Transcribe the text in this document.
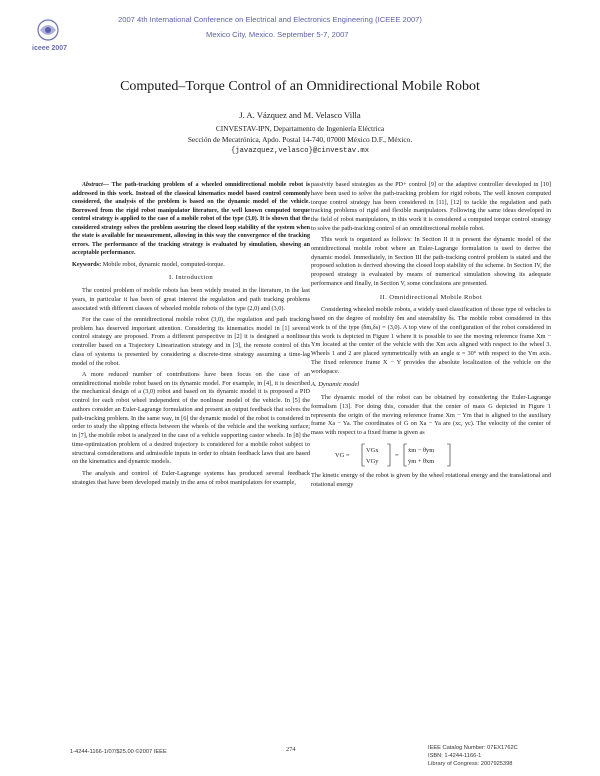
iceee 2007
2007 4th International Conference on Electrical and Electronics Engineering (ICEEE 2007)
Mexico City, Mexico. September 5-7, 2007
Computed–Torque Control of an Omnidirectional Mobile Robot
J. A. Vázquez and M. Velasco Villa
CINVESTAV-IPN, Departamento de Ingeniería Eléctrica
Sección de Mecatrónica, Apdo. Postal 14-740, 07000 México D.F., México.
{javazquez,velasco}@cinvestav.mx

Abstract— The path-tracking problem of a wheeled omnidirectional mobile robot is addressed in this work. Instead of the classical kinematics model based control commonly considered, the analysis of the problem is based on the dynamic model of the vehicle. Borrowed from the rigid robot manipulator literature, the well known computed torque control strategy is applied to the case of a mobile robot of the type (3,0). It is shown that the considered strategy solves the problem assuring the closed loop stability of the system when the state is available for measurement, allowing in this way the convergence of the tracking errors. The performance of the tracking strategy is evaluated by simulation, showing an acceptable performance.

Keywords: Mobile robot, dynamic model, computed-torque.

I. Introduction

The control problem of mobile robots has been widely treated in the literature, in the last years, in particular it has been of great interest the regulation and path tracking problems associated with different classes of wheeled mobile robots of the type (2,0) and (3,0).

For the case of the omnidirectional mobile robot (3,0), the regulation and path tracking problem has deserved important attention. Considering its kinematics model in [1] several control strategy are proposed. From a different perspective in [2] it is designed a nonlinear controller based on a Trajectory Linearization strategy and in [3], the remote control of this class of systems is presented by considering a discrete-time strategy assuming a time-lag model of the robot.

A more reduced number of contributions have been focus on the case of an omnidirectional mobile robot based on its dynamic model. For example, in [4], it is described the mechanical design of a (3,0) robot and based on its dynamic model it is proposed a PID control for each robot wheel independent of the nonlinear model of the vehicle. In [5] the authors consider an Euler-Lagrange formulation and present an output feedback that solves the path-tracking problem. In the same way, in [6] the dynamic model of the robot is considered in order to study the slipping effects between the wheels of the vehicle and the working surface; in [7], the mobile robot is analyzed in the case of a vehicle supporting castor wheels. In [8] the time-optimization problem of a desired trajectory is considered for a mobile robot subject to structural considerations and admissible inputs in order to obtain feedback laws that are based on the kinematics and dynamic models.

The analysis and control of Euler-Lagrange systems has produced several feedback strategies that have been developed mainly in the area of robot manipulators for example,

passivity based strategies as the PD+ control [9] or the adaptive controller developed in [10] have been used to solve the path-tracking problem for rigid robots. The well known computed torque control strategy has been considered in [11], [12] to tackle the regulation and path tracking problems of rigid and flexible manipulators. Following the same ideas developed in the field of robot manipulators, in this work it is considered a computed torque control strategy to solve the path-tracking control of an omnidirectional mobile robot.

This work is organized as follows: In Section II it is present the dynamic model of the omnidirectional mobile robot where an Euler-Lagrange formulation is used to derive the dynamic model. Immediately, in Section III the path-tracking control problem is stated and the proposed solution is derived showing the closed loop stability of the scheme. In Section IV, the proposed strategy is evaluated by means of numerical simulation showing its adequate performance and finally, in Section V, some conclusions are presented.

II. Omnidirectional Mobile Robot

Considering wheeled mobile robots, a widely used classification of those type of vehicles is based on the degree of mobility δm and steerability δs. The mobile robot considered in this work is of the type (δm,δs) = (3,0). A top view of the configuration of the robot considered in this work is depicted in Figure 1 where it is possible to see the moving reference frame Xm − Ym located at the center of the vehicle with the Xm axis aligned with respect to the wheel 3. Wheels 1 and 2 are placed symmetrically with an angle α = 30° with respect to the Ym axis. The fixed reference frame X − Y provides the absolute localization of the vehicle on the workspace.

A. Dynamic model

The dynamic model of the robot can be obtained by considering the Euler-Lagrange formalism [13]. For doing this, consider that the center of mass G depicted in Figure 1 represents the origin of the moving reference frame Xm − Ym that is aligned to the auxiliary frame Xa − Ya. The coordinates of G on Xa − Ya are (xc, yc). The velocity of the center of mass with respect to a fixed frame is given as

VG =
VGx
VGy
=
ẋm − θ̇ym
ẏm + θ̇xm

The kinetic energy of the robot is given by the wheel rotational energy and the translational and rotational energy

1-4244-1166-1/07/$25.00 ©2007 IEEE	274	IEEE Catalog Number: 07EX1762C
ISBN: 1-4244-1166-1
Library of Congress: 2007925398
